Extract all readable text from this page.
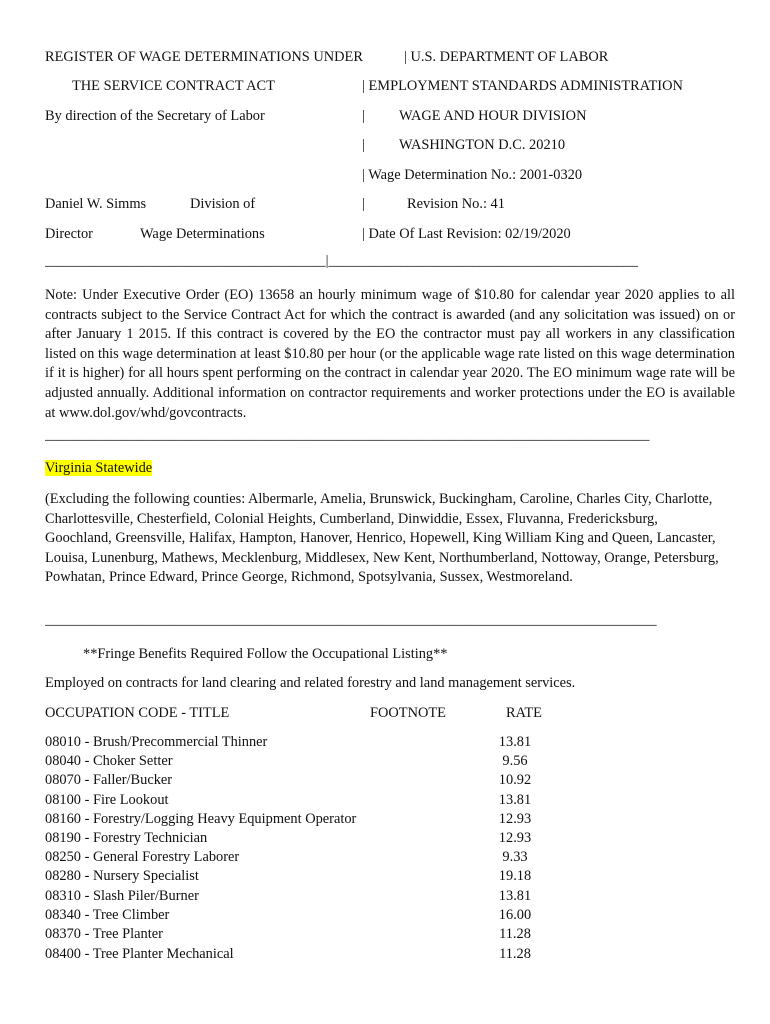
REGISTER OF WAGE DETERMINATIONS UNDER	| U.S. DEPARTMENT OF LABOR
THE SERVICE CONTRACT ACT	| EMPLOYMENT STANDARDS ADMINISTRATION
By direction of the Secretary of Labor	| WAGE AND HOUR DIVISION
| WASHINGTON D.C. 20210
| Wage Determination No.: 2001-0320
Daniel W. Simms	Division of	|	Revision No.: 41
Director	Wage Determinations	| Date Of Last Revision: 02/19/2020
_______________________________________|___________________________________________
Note: Under Executive Order (EO) 13658 an hourly minimum wage of $10.80 for calendar year 2020 applies to all contracts subject to the Service Contract Act for which the contract is awarded (and any solicitation was issued) on or after January 1 2015. If this contract is covered by the EO the contractor must pay all workers in any classification listed on this wage determination at least $10.80 per hour (or the applicable wage rate listed on this wage determination if it is higher) for all hours spent performing on the contract in calendar year 2020. The EO minimum wage rate will be adjusted annually. Additional information on contractor requirements and worker protections under the EO is available at www.dol.gov/whd/govcontracts.
____________________________________________________________________________________
Virginia Statewide
(Excluding the following counties: Albermarle, Amelia, Brunswick, Buckingham, Caroline, Charles City, Charlotte, Charlottesville, Chesterfield, Colonial Heights, Cumberland, Dinwiddie, Essex, Fluvanna, Fredericksburg, Goochland, Greensville, Halifax, Hampton, Hanover, Henrico, Hopewell, King William King and Queen, Lancaster, Louisa, Lunenburg, Mathews, Mecklenburg, Middlesex, New Kent, Northumberland, Nottoway, Orange, Petersburg, Powhatan, Prince Edward, Prince George, Richmond, Spotsylvania, Sussex, Westmoreland.
_____________________________________________________________________________________
**Fringe Benefits Required Follow the Occupational Listing**
Employed on contracts for land clearing and related forestry and land management services.
OCCUPATION CODE - TITLE	FOOTNOTE	RATE
08010 - Brush/Precommercial Thinner	13.81
08040 - Choker Setter	9.56
08070 - Faller/Bucker	10.92
08100 - Fire Lookout	13.81
08160 - Forestry/Logging Heavy Equipment Operator	12.93
08190 - Forestry Technician	12.93
08250 - General Forestry Laborer	9.33
08280 - Nursery Specialist	19.18
08310 - Slash Piler/Burner	13.81
08340 - Tree Climber	16.00
08370 - Tree Planter	11.28
08400 - Tree Planter Mechanical	11.28
